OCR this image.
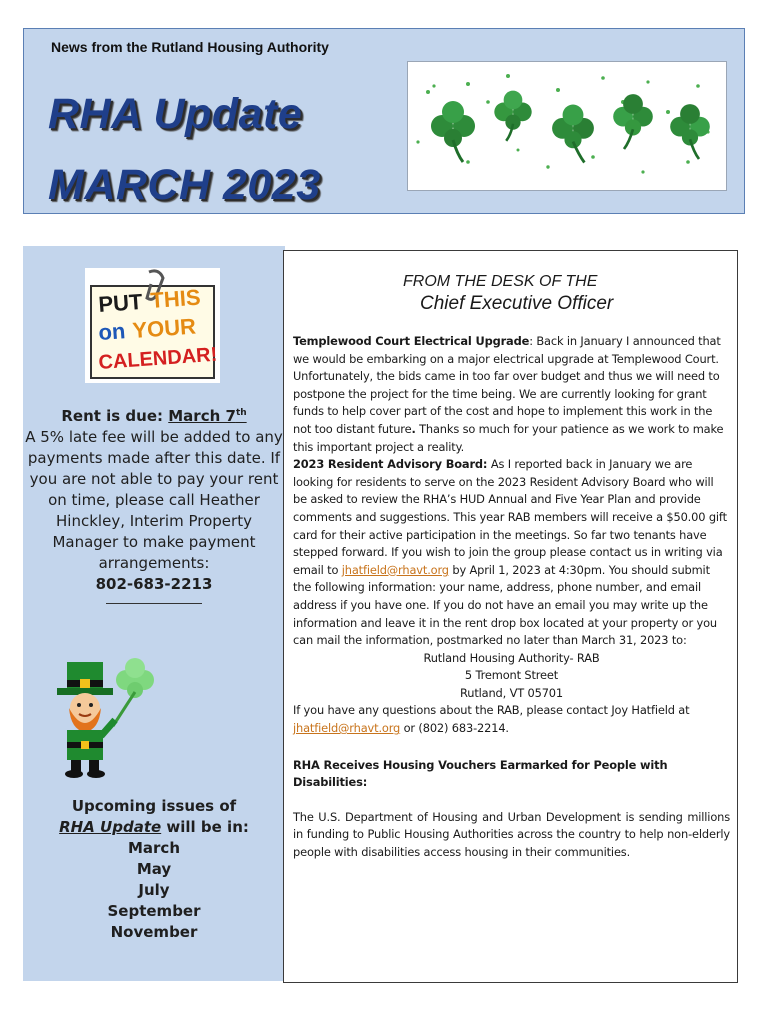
News from the Rutland Housing Authority
RHA Update
MARCH 2023
PUT THIS
on YOUR
CALENDAR!
Rent is due: March 7th
A 5% late fee will be added to any payments made after this date. If you are not able to pay your rent on time, please call Heather Hinckley, Interim Property Manager to make payment arrangements:
802-683-2213
Upcoming issues of
RHA Update will be in:
March
May
July
September
November
FROM THE DESK OF THE
Chief Executive Officer

Templewood Court Electrical Upgrade: Back in January I announced that we would be embarking on a major electrical upgrade at Templewood Court. Unfortunately, the bids came in too far over budget and thus we will need to postpone the project for the time being. We are currently looking for grant funds to help cover part of the cost and hope to implement this work in the not too distant future. Thanks so much for your patience as we work to make this important project a reality.

2023 Resident Advisory Board: As I reported back in January we are looking for residents to serve on the 2023 Resident Advisory Board who will be asked to review the RHA’s HUD Annual and Five Year Plan and provide comments and suggestions. This year RAB members will receive a $50.00 gift card for their active participation in the meetings. So far two tenants have stepped forward. If you wish to join the group please contact us in writing via email to jhatfield@rhavt.org by April 1, 2023 at 4:30pm. You should submit the following information: your name, address, phone number, and email address if you have one. If you do not have an email you may write up the information and leave it in the rent drop box located at your property or you can mail the information, postmarked no later than March 31, 2023 to:

Rutland Housing Authority- RAB

5 Tremont Street

Rutland, VT 05701

If you have any questions about the RAB, please contact Joy Hatfield at jhatfield@rhavt.org or (802) 683-2214.

RHA Receives Housing Vouchers Earmarked for People with Disabilities:

The U.S. Department of Housing and Urban Development is sending millions in funding to Public Housing Authorities across the country to help non-elderly people with disabilities access housing in their communities.
